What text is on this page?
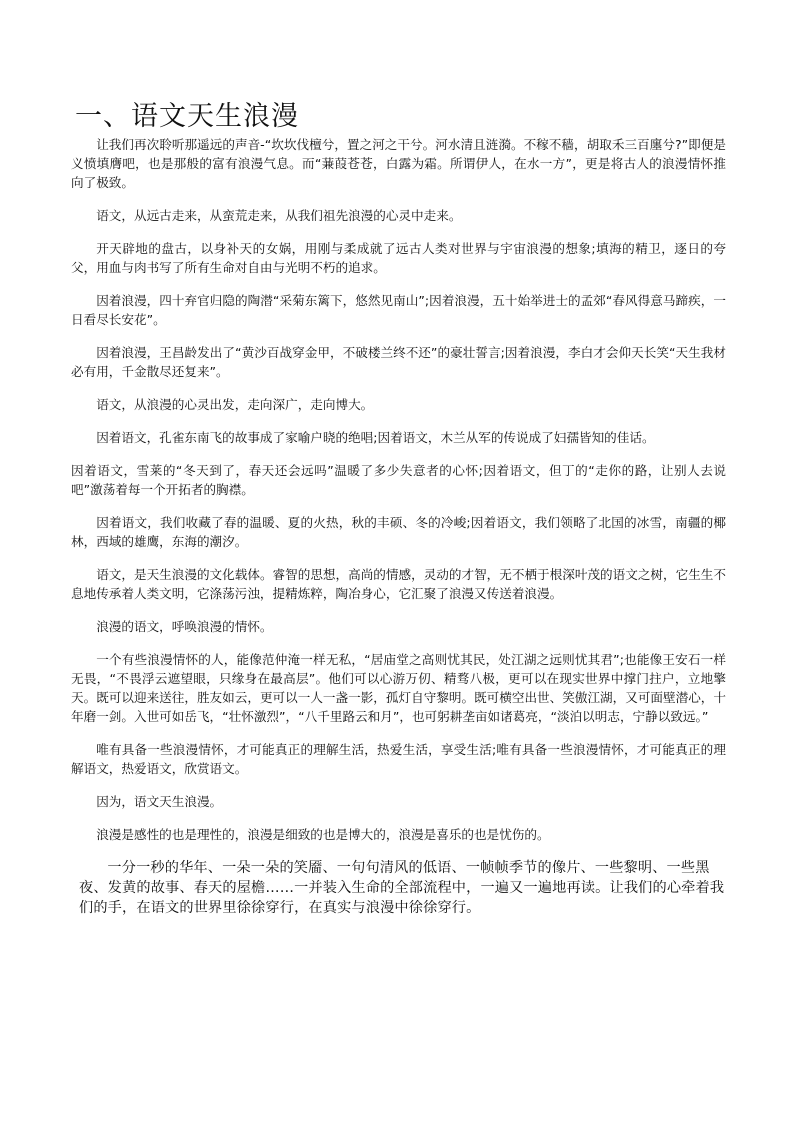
一、语文天生浪漫

让我们再次聆听那遥远的声音-“坎坎伐檀兮，置之河之干兮。河水清且涟漪。不稼不穑，胡取禾三百廛兮?”即便是义愤填膺吧，也是那般的富有浪漫气息。而“蒹葭苍苍，白露为霜。所谓伊人，在水一方”，更是将古人的浪漫情怀推向了极致。

语文，从远古走来，从蛮荒走来，从我们祖先浪漫的心灵中走来。

开天辟地的盘古，以身补天的女娲，用刚与柔成就了远古人类对世界与宇宙浪漫的想象;填海的精卫，逐日的夸父，用血与肉书写了所有生命对自由与光明不朽的追求。

因着浪漫，四十弃官归隐的陶潜“采菊东篱下，悠然见南山”;因着浪漫，五十始举进士的孟郊“春风得意马蹄疾，一日看尽长安花”。

因着浪漫，王昌龄发出了“黄沙百战穿金甲，不破楼兰终不还”的豪壮誓言;因着浪漫，李白才会仰天长笑“天生我材必有用，千金散尽还复来”。

语文，从浪漫的心灵出发，走向深广，走向博大。

因着语文，孔雀东南飞的故事成了家喻户晓的绝唱;因着语文，木兰从军的传说成了妇孺皆知的佳话。

因着语文，雪莱的“冬天到了，春天还会远吗”温暖了多少失意者的心怀;因着语文，但丁的“走你的路，让别人去说吧”激荡着每一个开拓者的胸襟。

因着语文，我们收藏了春的温暖、夏的火热，秋的丰硕、冬的冷峻;因着语文，我们领略了北国的冰雪，南疆的椰林，西域的雄鹰，东海的潮汐。

语文，是天生浪漫的文化载体。睿智的思想，高尚的情感，灵动的才智，无不栖于根深叶茂的语文之树，它生生不息地传承着人类文明，它涤荡污浊，提精炼粹，陶冶身心，它汇聚了浪漫又传送着浪漫。

浪漫的语文，呼唤浪漫的情怀。

一个有些浪漫情怀的人，能像范仲淹一样无私，“居庙堂之高则忧其民，处江湖之远则忧其君”;也能像王安石一样无畏，“不畏浮云遮望眼，只缘身在最高层”。他们可以心游万仞、精骛八极，更可以在现实世界中撑门拄户，立地擎天。既可以迎来送往，胜友如云，更可以一人一盏一影，孤灯自守黎明。既可横空出世、笑傲江湖，又可面壁潜心，十年磨一剑。入世可如岳飞，“壮怀激烈”，“八千里路云和月”，也可躬耕垄亩如诸葛亮，“淡泊以明志，宁静以致远。”

唯有具备一些浪漫情怀，才可能真正的理解生活，热爱生活，享受生活;唯有具备一些浪漫情怀，才可能真正的理解语文，热爱语文，欣赏语文。

因为，语文天生浪漫。

浪漫是感性的也是理性的，浪漫是细致的也是博大的，浪漫是喜乐的也是忧伤的。

一分一秒的华年、一朵一朵的笑靥、一句句清风的低语、一帧帧季节的像片、一些黎明、一些黑夜、发黄的故事、春天的屋檐……一并装入生命的全部流程中，一遍又一遍地再读。让我们的心牵着我们的手，在语文的世界里徐徐穿行，在真实与浪漫中徐徐穿行。
